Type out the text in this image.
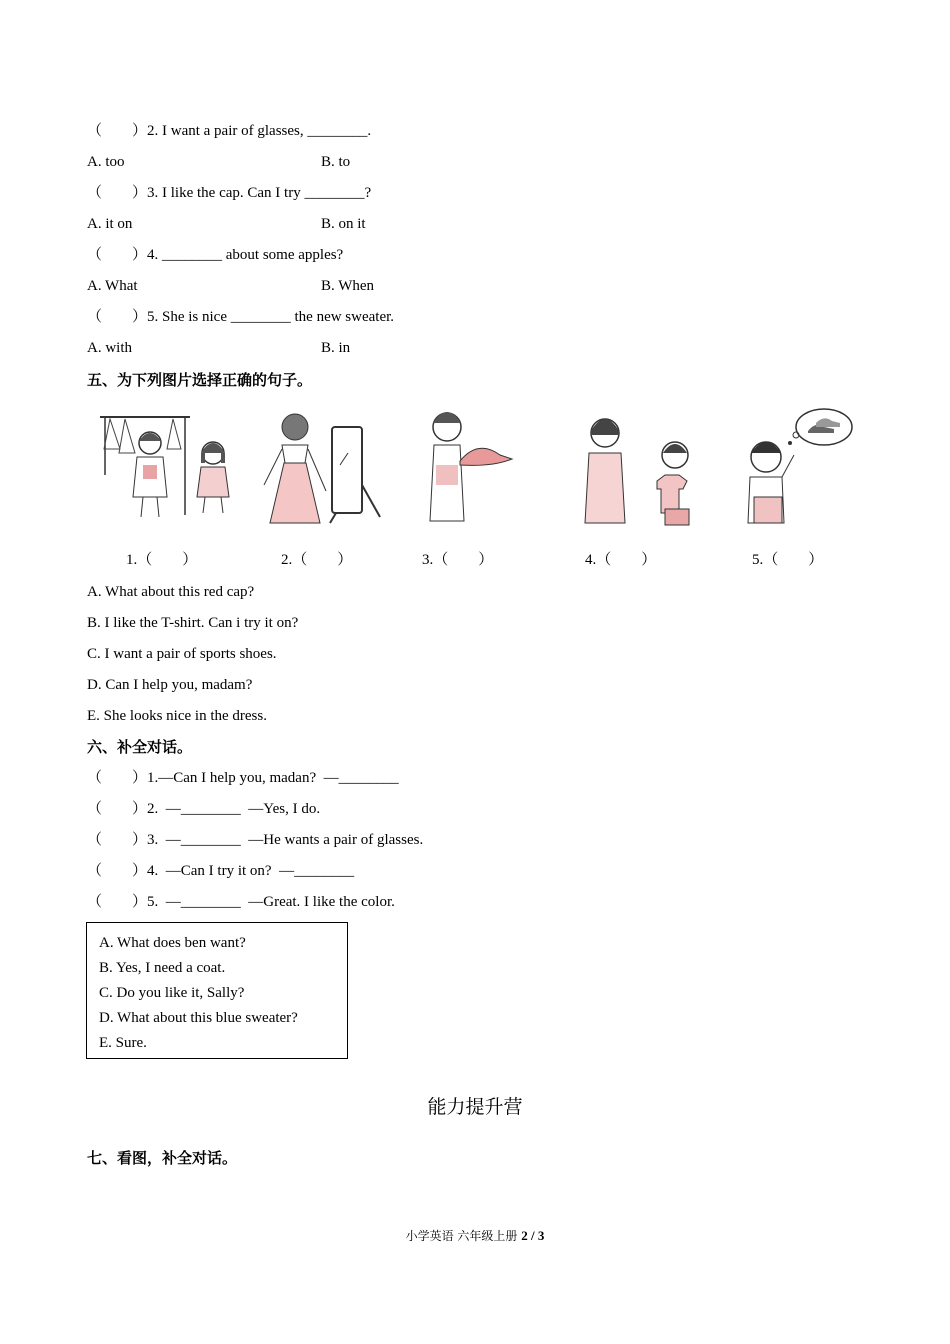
（　　）2. I want a pair of glasses, ________.
A. too	B. to
（　　）3. I like the cap. Can I try ________?
A. it on	B. on it
（　　）4. ________ about some apples?
A. What	B. When
（　　）5. She is nice ________ the new sweater.
A. with	B. in
五、为下列图片选择正确的句子。
1.（　　）	2.（　　）	3.（　　）	4.（　　）	5.（　　）
A. What about this red cap?
B. I like the T-shirt. Can i try it on?
C. I want a pair of sports shoes.
D. Can I help you, madam?
E. She looks nice in the dress.
六、补全对话。
（　　）1.—Can I help you, madan?  —________
（　　）2.  —________  —Yes, I do.
（　　）3.  —________  —He wants a pair of glasses.
（　　）4.  —Can I try it on?  —________
（　　）5.  —________  —Great. I like the color.
A. What does ben want?
B. Yes, I need a coat.
C. Do you like it, Sally?
D. What about this blue sweater?
E. Sure.
能力提升营
七、看图，补全对话。
小学英语 六年级上册 2 / 3
